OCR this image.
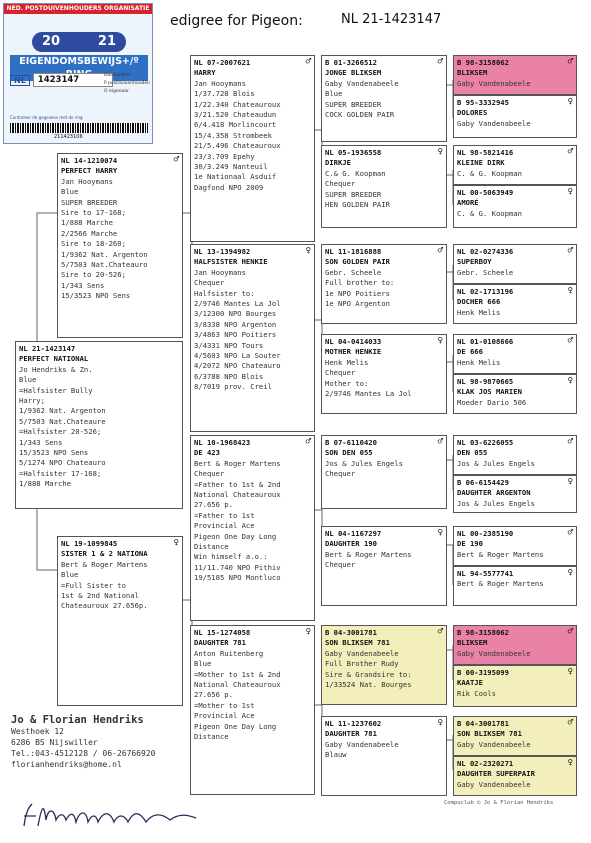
NED. POSTDUIVENHOUDERS ORGANISATIE
20	21
EIGENDOMSBEWIJS+/º
NL	1423147	Doorlandse
P postduivenhouden
O eigenaar
Controleer de gegevens met de ring
211423106
edigree for Pigeon:	NL 21-1423147
NL 21-1423147
PERFECT NATIONAL
Jo Hendriks & Zn.
Blue
=Halfsister Bully
Harry;
1/9362 Nat. Argenton
5/7503 Nat.Chateaure
=Halfsister 20-526;
1/343 Sens
15/3523 NPO Sens
5/1274 NPO Chateauro
=Halfsister 17-168;
1/888 Marche
NL 14-1210074	♂
PERFECT HARRY
Jan Hooymans
Blue
SUPER BREEDER
Sire to 17-168;
1/888 Marche
2/2566 Marche
Sire to 18-260;
1/9362 Nat. Argenton
5/7503 Nat.Chateauro
Sire to 20-526;
1/343 Sens
15/3523 NPO Sens
NL 19-1099845	♀
SISTER 1 & 2 NATIONA
Bert & Roger Martens
Blue
=Full Sister to
1st & 2nd National
Chateauroux 27.656p.
NL 07-2007621	♂
HARRY
Jan Hooymans
1/37.728 Blois
1/22.340 Chateauroux
3/21.520 Chateaudun
6/4.418 Morlincourt
15/4.358 Strombeek
21/5.496 Chateauroux
23/3.709 Epehy
30/3.249 Nanteuil
1e Nationaal Asduif
Dagfond NPO 2009
NL 13-1394982	♀
HALFSISTER HENKIE
Jan Hooymans
Chequer
Halfsister to:
2/9746 Mantes La Jol
3/12300 NPO Bourges
3/8338 NPO Argenton
3/4863 NPO Poitiers
3/4331 NPO Tours
4/5603 NPO La Souter
4/2072 NPO Chateauro
6/3788 NPO Blois
8/7019 prov. Creil
NL 10-1968423	♂
DE 423
Bert & Roger Martens
Chequer
=Father to 1st & 2nd
National Chateauroux
27.656 p.
=Father to 1st
Provincial Ace
Pigeon One Day Long
Distance
Win himself a.o.:
11/11.740 NPO Pithiv
19/5185 NPO Montluco
NL 15-1274058	♀
DAUGHTER 781
Anton Ruitenberg
Blue
=Mother to 1st & 2nd
National Chateauroux
27.656 p.
=Mother to 1st
Provincial Ace
Pigeon One Day Long
Distance
B 01-3266512	♂
JONGE BLIKSEM
Gaby Vandenabeele
Blue
SUPER BREEDER
COCK GOLDEN PAIR
NL 05-1936558	♀
DIRKJE
C.& G. Koopman
Chequer
SUPER BREEDER
HEN GOLDEN PAIR
NL 11-1816888	♂
SON GOLDEN PAIR
Gebr. Scheele
Full brother to:
1e NPO Poitiers
1e NPO Argenton
NL 04-0414033	♀
MOTHER HENKIE
Henk Melis
Chequer
Mother to:
2/9746 Mantes La Jol
B 07-6110420	♂
SON DEN 055
Jos & Jules Engels
Chequer
NL 04-1167297	♀
DAUGHTER 190
Bert & Roger Martens
Chequer
B 04-3001781	♂
SON BLIKSEM 781
Gaby Vandenabeele
Full Brother Rudy
Sire & Grandsire to:
1/33524 Nat. Bourges
NL 11-1237602	♀
DAUGHTER 781
Gaby Vandenabeele
Blauw
B 98-3158062	♂
BLIKSEM
Gaby Vandenabeele
B 95-3332945	♀
DOLORES
Gaby Vandenabeele
NL 98-5821416	♂
KLEINE DIRK
C. & G. Koopman
NL 00-5063949	♀
AMORÉ
C. & G. Koopman
NL 02-0274336	♂
SUPERBOY
Gebr. Scheele
NL 02-1713196	♀
DOCHER 666
Henk Melis
NL 01-0108666	♂
DE 666
Henk Melis
NL 98-9870665	♀
KLAK JOS MARIEN
Moeder Dario 506
NL 03-6226055	♂
DEN 055
Jos & Jules Engels
B 06-6154429	♀
DAUGHTER ARGENTON
Jos & Jules Engels
NL 00-2385190	♂
DE 190
Bert & Roger Martens
NL 94-5577741	♀
Bert & Roger Martens
B 98-3158062	♂
BLIKSEM
Gaby Vandenabeele
B 00-3195099	♀
KAATJE
Rik Cools
B 04-3001781	♂
SON BLIKSEM 781
Gaby Vandenabeele
NL 02-2320271	♀
DAUGHTER SUPERPAIR
Gaby Vandenabeele
Jo & Florian Hendriks
Westhoek 12
6286 BS Nijswiller
Tel.:043-4512128 / 06-26766920
florianhendriks@home.nl
Compuclub © Jo & Florian Hendriks
